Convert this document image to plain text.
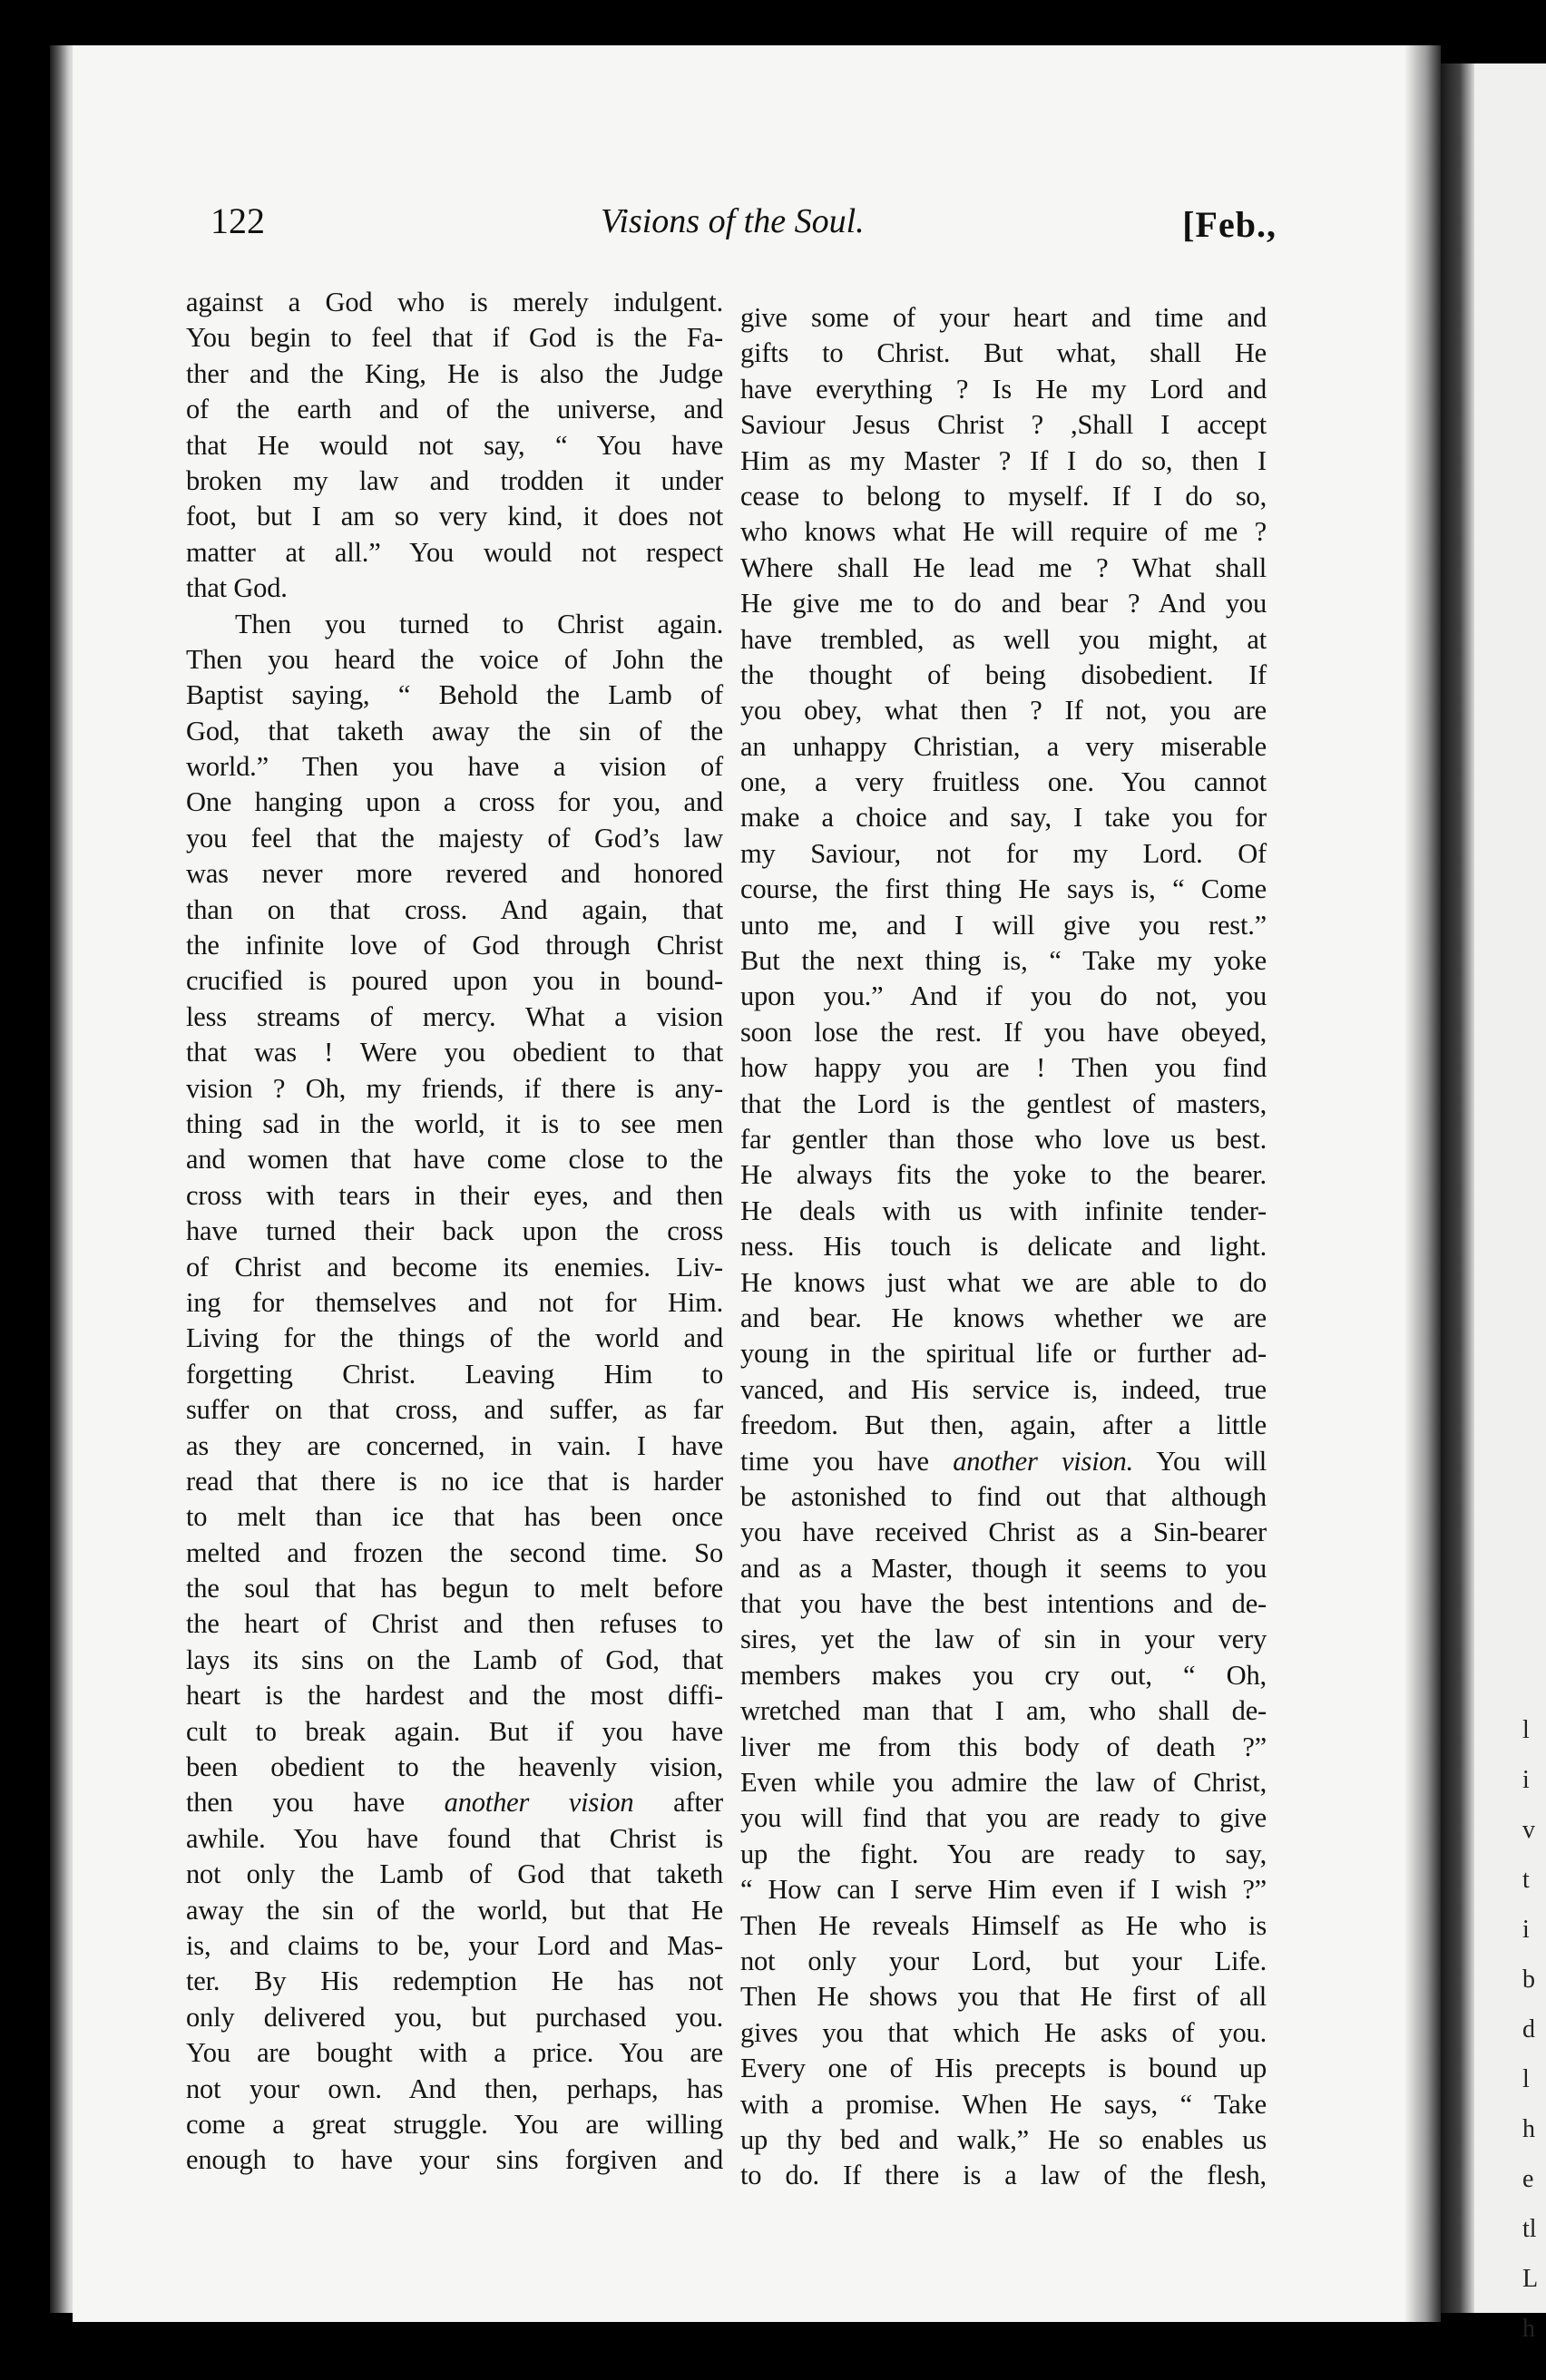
l
i
v
t
i
b
d
l
h
e
tl
L
h
122	Visions of the Soul.	[Feb.,
against a God who is merely indulgent.
You begin to feel that if God is the Fa-
ther and the King, He is also the Judge
of the earth and of the universe, and
that He would not say, “ You have
broken my law and trodden it under
foot, but I am so very kind, it does not
matter at all.” You would not respect
that God.
Then you turned to Christ again.
Then you heard the voice of John the
Baptist saying, “ Behold the Lamb of
God, that taketh away the sin of the
world.” Then you have a vision of
One hanging upon a cross for you, and
you feel that the majesty of God’s law
was never more revered and honored
than on that cross. And again, that
the infinite love of God through Christ
crucified is poured upon you in bound-
less streams of mercy. What a vision
that was ! Were you obedient to that
vision ? Oh, my friends, if there is any-
thing sad in the world, it is to see men
and women that have come close to the
cross with tears in their eyes, and then
have turned their back upon the cross
of Christ and become its enemies. Liv-
ing for themselves and not for Him.
Living for the things of the world and
forgetting Christ. Leaving Him to
suffer on that cross, and suffer, as far
as they are concerned, in vain. I have
read that there is no ice that is harder
to melt than ice that has been once
melted and frozen the second time. So
the soul that has begun to melt before
the heart of Christ and then refuses to
lays its sins on the Lamb of God, that
heart is the hardest and the most diffi-
cult to break again. But if you have
been obedient to the heavenly vision,
then you have another vision after
awhile. You have found that Christ is
not only the Lamb of God that taketh
away the sin of the world, but that He
is, and claims to be, your Lord and Mas-
ter. By His redemption He has not
only delivered you, but purchased you.
You are bought with a price. You are
not your own. And then, perhaps, has
come a great struggle. You are willing
enough to have your sins forgiven and
give some of your heart and time and
gifts to Christ. But what, shall He
have everything ? Is He my Lord and
Saviour Jesus Christ ? ,Shall I accept
Him as my Master ? If I do so, then I
cease to belong to myself. If I do so,
who knows what He will require of me ?
Where shall He lead me ? What shall
He give me to do and bear ? And you
have trembled, as well you might, at
the thought of being disobedient. If
you obey, what then ? If not, you are
an unhappy Christian, a very miserable
one, a very fruitless one. You cannot
make a choice and say, I take you for
my Saviour, not for my Lord. Of
course, the first thing He says is, “ Come
unto me, and I will give you rest.”
But the next thing is, “ Take my yoke
upon you.” And if you do not, you
soon lose the rest. If you have obeyed,
how happy you are ! Then you find
that the Lord is the gentlest of masters,
far gentler than those who love us best.
He always fits the yoke to the bearer.
He deals with us with infinite tender-
ness. His touch is delicate and light.
He knows just what we are able to do
and bear. He knows whether we are
young in the spiritual life or further ad-
vanced, and His service is, indeed, true
freedom. But then, again, after a little
time you have another vision. You will
be astonished to find out that although
you have received Christ as a Sin-bearer
and as a Master, though it seems to you
that you have the best intentions and de-
sires, yet the law of sin in your very
members makes you cry out, “ Oh,
wretched man that I am, who shall de-
liver me from this body of death ?”
Even while you admire the law of Christ,
you will find that you are ready to give
up the fight. You are ready to say,
“ How can I serve Him even if I wish ?”
Then He reveals Himself as He who is
not only your Lord, but your Life.
Then He shows you that He first of all
gives you that which He asks of you.
Every one of His precepts is bound up
with a promise. When He says, “ Take
up thy bed and walk,” He so enables us
to do. If there is a law of the flesh,
